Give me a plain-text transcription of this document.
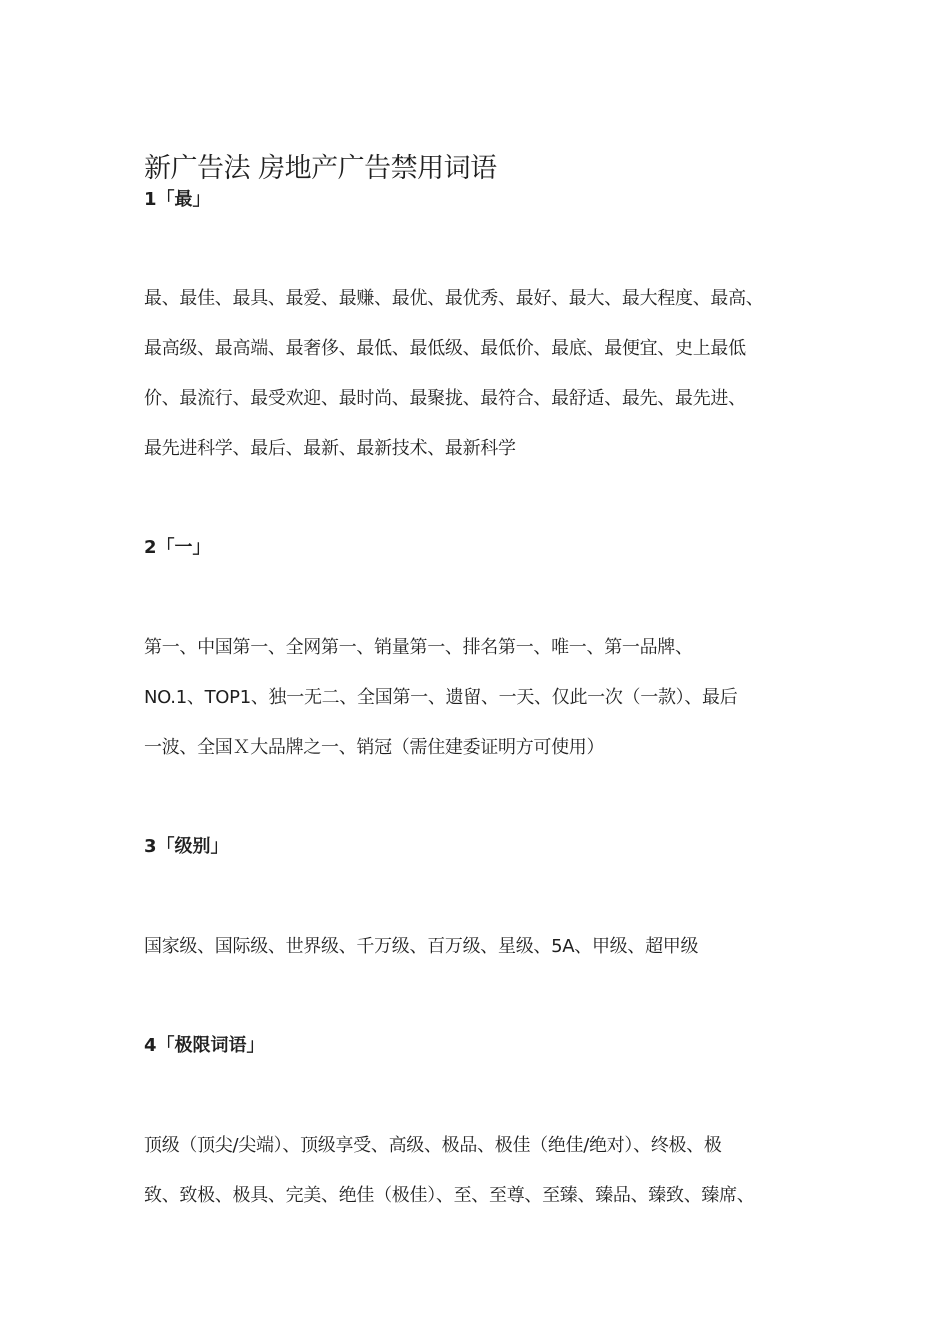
新广告法 房地产广告禁用词语
1「最」
最、最佳、最具、最爱、最赚、最优、最优秀、最好、最大、最大程度、最高、
最高级、最高端、最奢侈、最低、最低级、最低价、最底、最便宜、史上最低
价、最流行、最受欢迎、最时尚、最聚拢、最符合、最舒适、最先、最先进、
最先进科学、最后、最新、最新技术、最新科学
2「一」
第一、中国第一、全网第一、销量第一、排名第一、唯一、第一品牌、
NO.1、TOP1、独一无二、全国第一、遗留、一天、仅此一次（一款）、最后
一波、全国Ｘ大品牌之一、销冠（需住建委证明方可使用）
3「级别」
国家级、国际级、世界级、千万级、百万级、星级、5A、甲级、超甲级
4「极限词语」
顶级（顶尖/尖端）、顶级享受、高级、极品、极佳（绝佳/绝对）、终极、极
致、致极、极具、完美、绝佳（极佳）、至、至尊、至臻、臻品、臻致、臻席、
